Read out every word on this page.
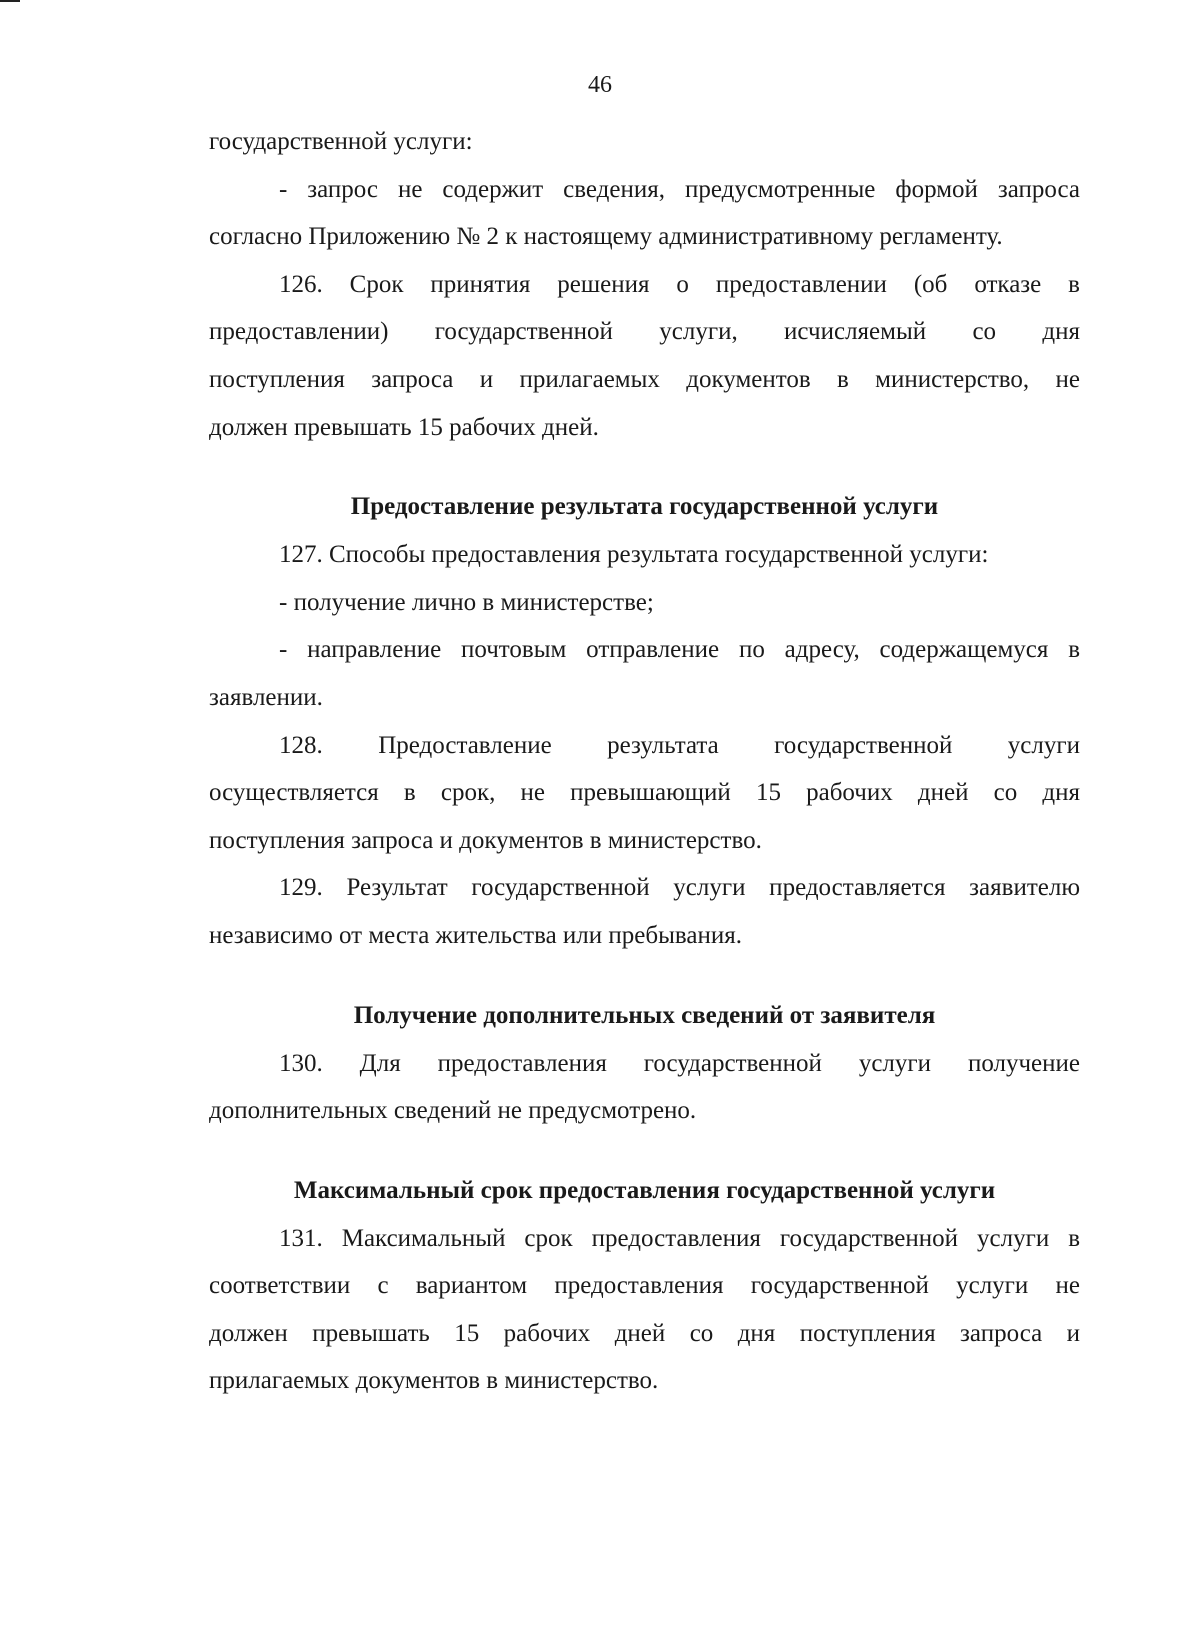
46
государственной услуги:
- запрос не содержит сведения, предусмотренные формой запроса
согласно Приложению № 2 к настоящему административному регламенту.
126. Срок принятия решения о предоставлении (об отказе в
предоставлении) государственной услуги, исчисляемый со дня
поступления запроса и прилагаемых документов в министерство, не
должен превышать 15 рабочих дней.
Предоставление результата государственной услуги
127. Способы предоставления результата государственной услуги:
- получение лично в министерстве;
- направление почтовым отправление по адресу, содержащемуся в
заявлении.
128. Предоставление результата государственной услуги
осуществляется в срок, не превышающий 15 рабочих дней со дня
поступления запроса и документов в министерство.
129. Результат государственной услуги предоставляется заявителю
независимо от места жительства или пребывания.
Получение дополнительных сведений от заявителя
130. Для предоставления государственной услуги получение
дополнительных сведений не предусмотрено.
Максимальный срок предоставления государственной услуги
131. Максимальный срок предоставления государственной услуги в
соответствии с вариантом предоставления государственной услуги не
должен превышать 15 рабочих дней со дня поступления запроса и
прилагаемых документов в министерство.
